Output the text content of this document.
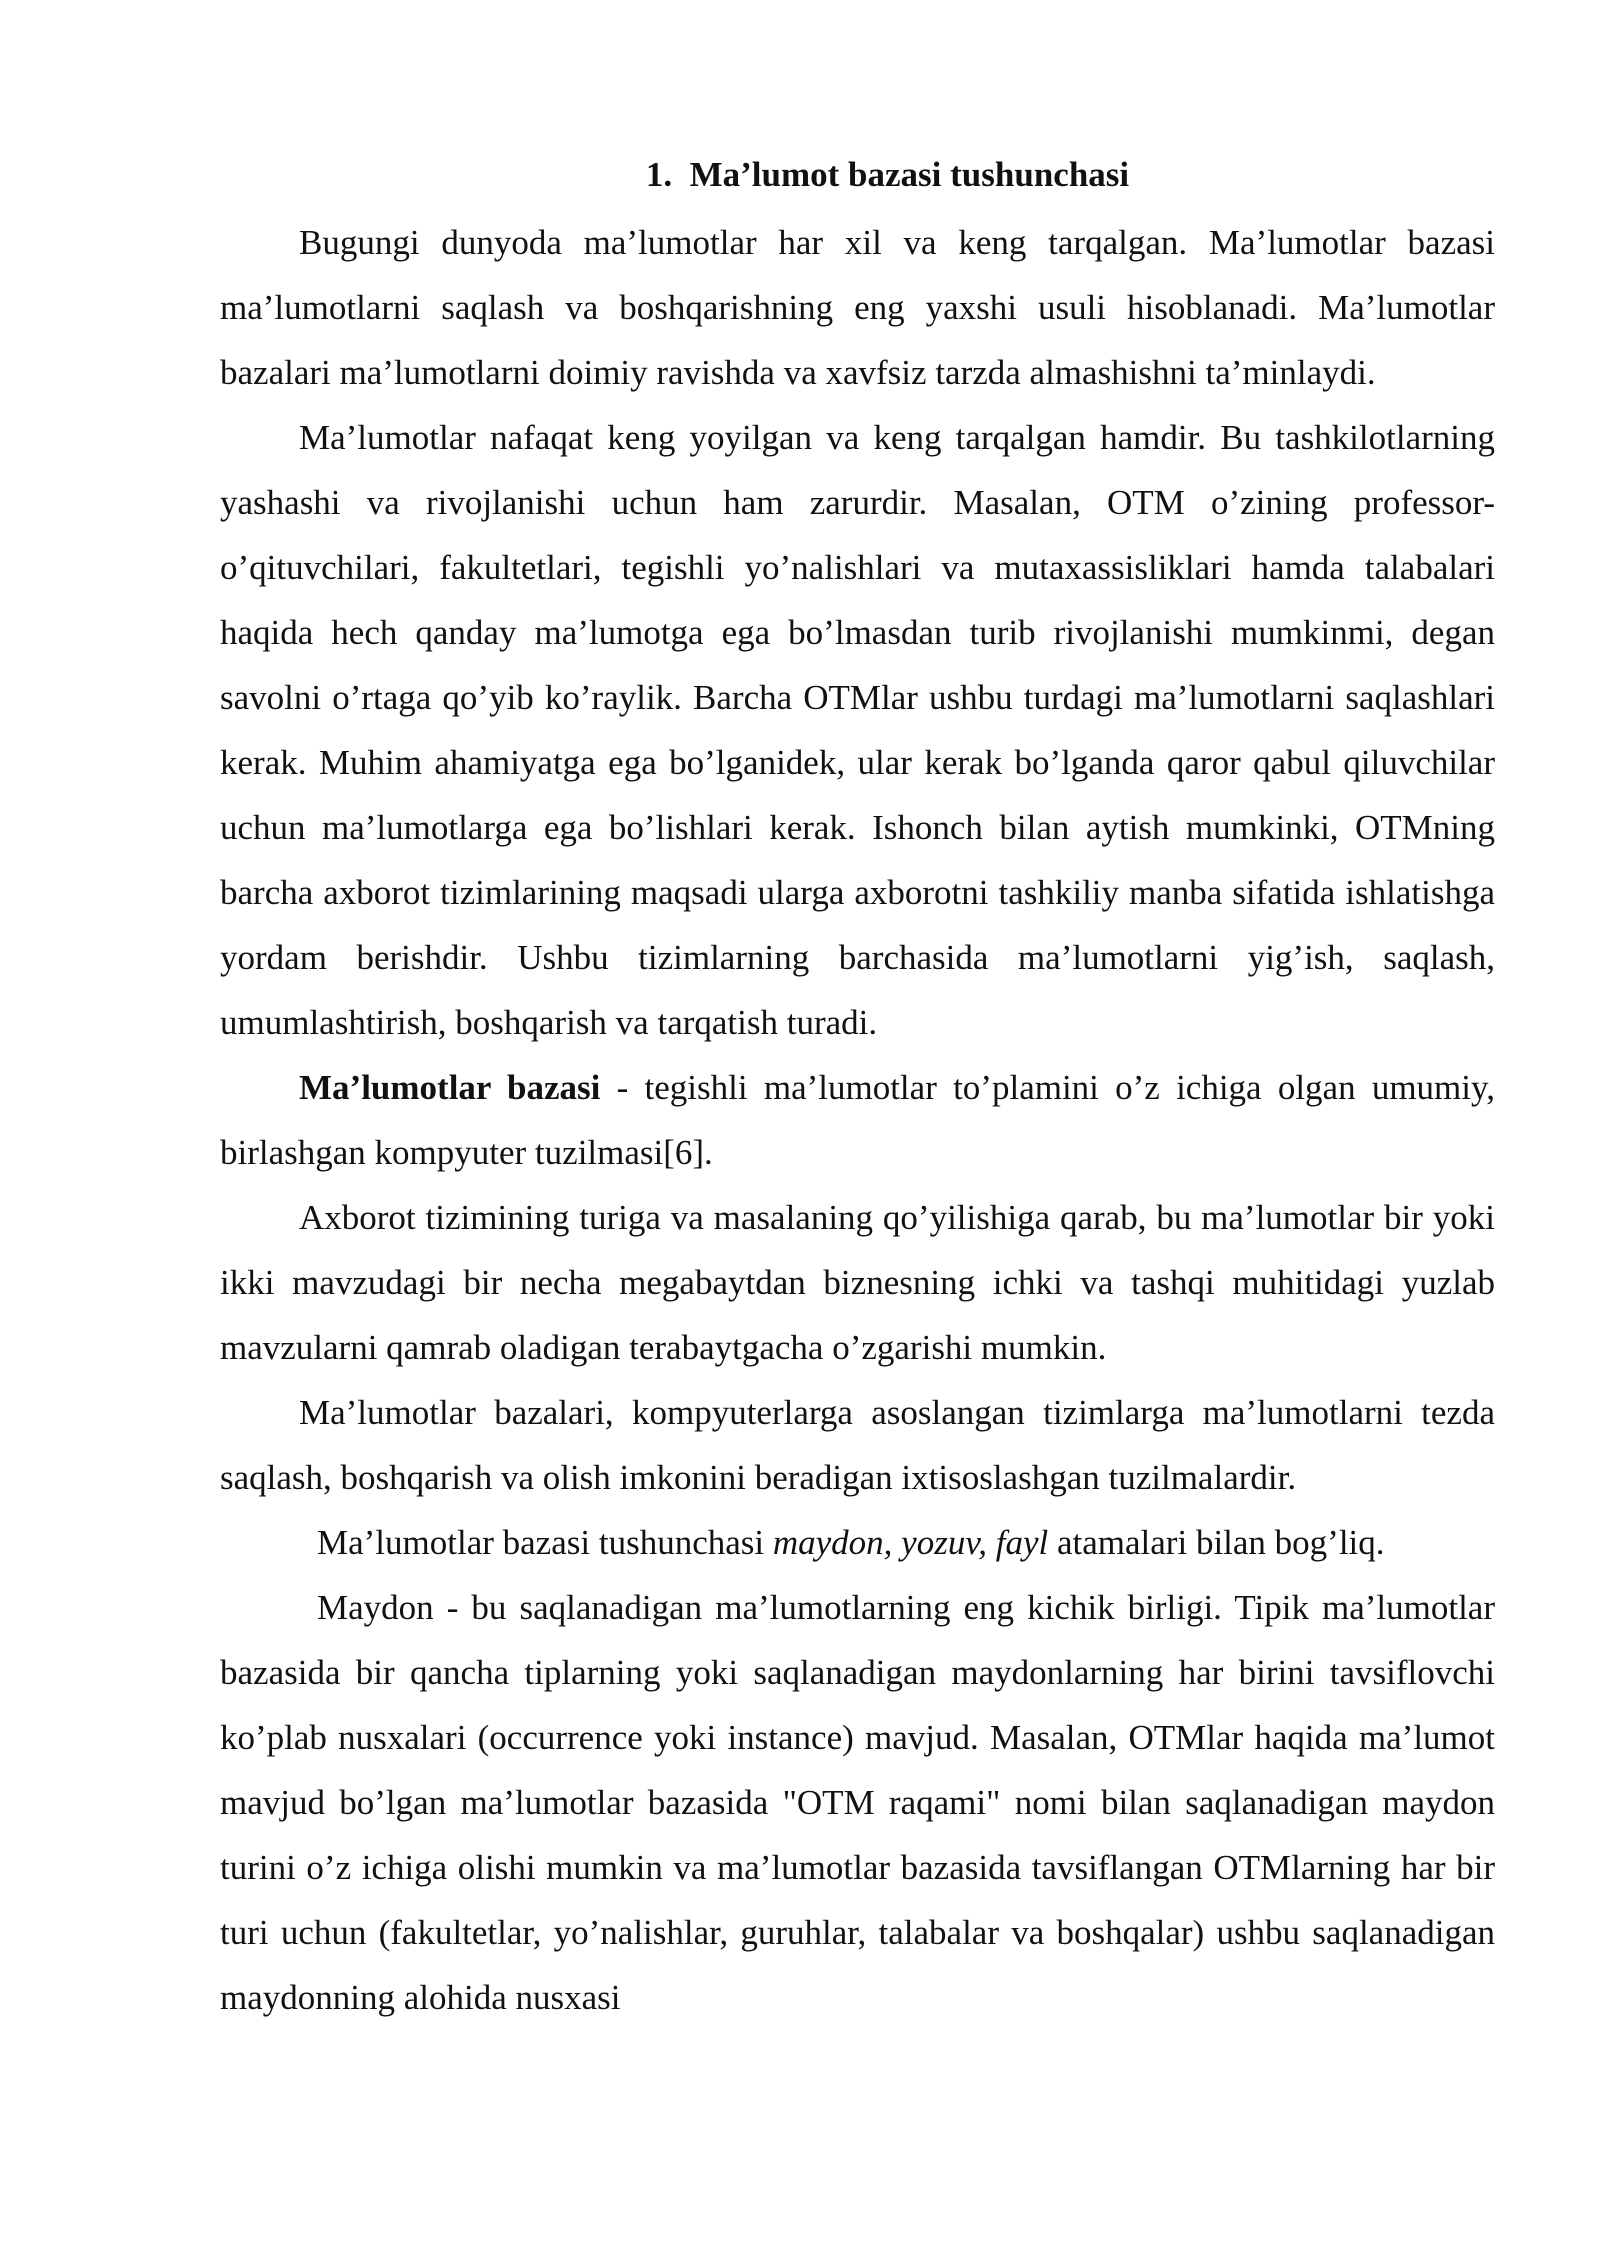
1. Ma’lumot bazasi tushunchasi

Bugungi dunyoda ma’lumotlar har xil va keng tarqalgan. Ma’lumotlar bazasi ma’lumotlarni saqlash va boshqarishning eng yaxshi usuli hisoblanadi. Ma’lumotlar bazalari ma’lumotlarni doimiy ravishda va xavfsiz tarzda almashishni ta’minlaydi.

Ma’lumotlar nafaqat keng yoyilgan va keng tarqalgan hamdir. Bu tashkilotlarning yashashi va rivojlanishi uchun ham zarurdir. Masalan, OTM o’zining professor-o’qituvchilari, fakultetlari, tegishli yo’nalishlari va mutaxassisliklari hamda talabalari haqida hech qanday ma’lumotga ega bo’lmasdan turib rivojlanishi mumkinmi, degan savolni o’rtaga qo’yib ko’raylik. Barcha OTMlar ushbu turdagi ma’lumotlarni saqlashlari kerak. Muhim ahamiyatga ega bo’lganidek, ular kerak bo’lganda qaror qabul qiluvchilar uchun ma’lumotlarga ega bo’lishlari kerak. Ishonch bilan aytish mumkinki, OTMning barcha axborot tizimlarining maqsadi ularga axborotni tashkiliy manba sifatida ishlatishga yordam berishdir. Ushbu tizimlarning barchasida ma’lumotlarni yig’ish, saqlash, umumlashtirish, boshqarish va tarqatish turadi.

Ma’lumotlar bazasi - tegishli ma’lumotlar to’plamini o’z ichiga olgan umumiy, birlashgan kompyuter tuzilmasi[6].

Axborot tizimining turiga va masalaning qo’yilishiga qarab, bu ma’lumotlar bir yoki ikki mavzudagi bir necha megabaytdan biznesning ichki va tashqi muhitidagi yuzlab mavzularni qamrab oladigan terabaytgacha o’zgarishi mumkin.

Ma’lumotlar bazalari, kompyuterlarga asoslangan tizimlarga ma’lumotlarni tezda saqlash, boshqarish va olish imkonini beradigan ixtisoslashgan tuzilmalardir.

Ma’lumotlar bazasi tushunchasi maydon, yozuv, fayl atamalari bilan bog’liq.

Maydon - bu saqlanadigan ma’lumotlarning eng kichik birligi. Tipik ma’lumotlar bazasida bir qancha tiplarning yoki saqlanadigan maydonlarning har birini tavsiflovchi ko’plab nusxalari (occurrence yoki instance) mavjud. Masalan, OTMlar haqida ma’lumot mavjud bo’lgan ma’lumotlar bazasida "OTM raqami" nomi bilan saqlanadigan maydon turini o’z ichiga olishi mumkin va ma’lumotlar bazasida tavsiflangan OTMlarning har bir turi uchun (fakultetlar, yo’nalishlar, guruhlar, talabalar va boshqalar) ushbu saqlanadigan maydonning alohida nusxasi
